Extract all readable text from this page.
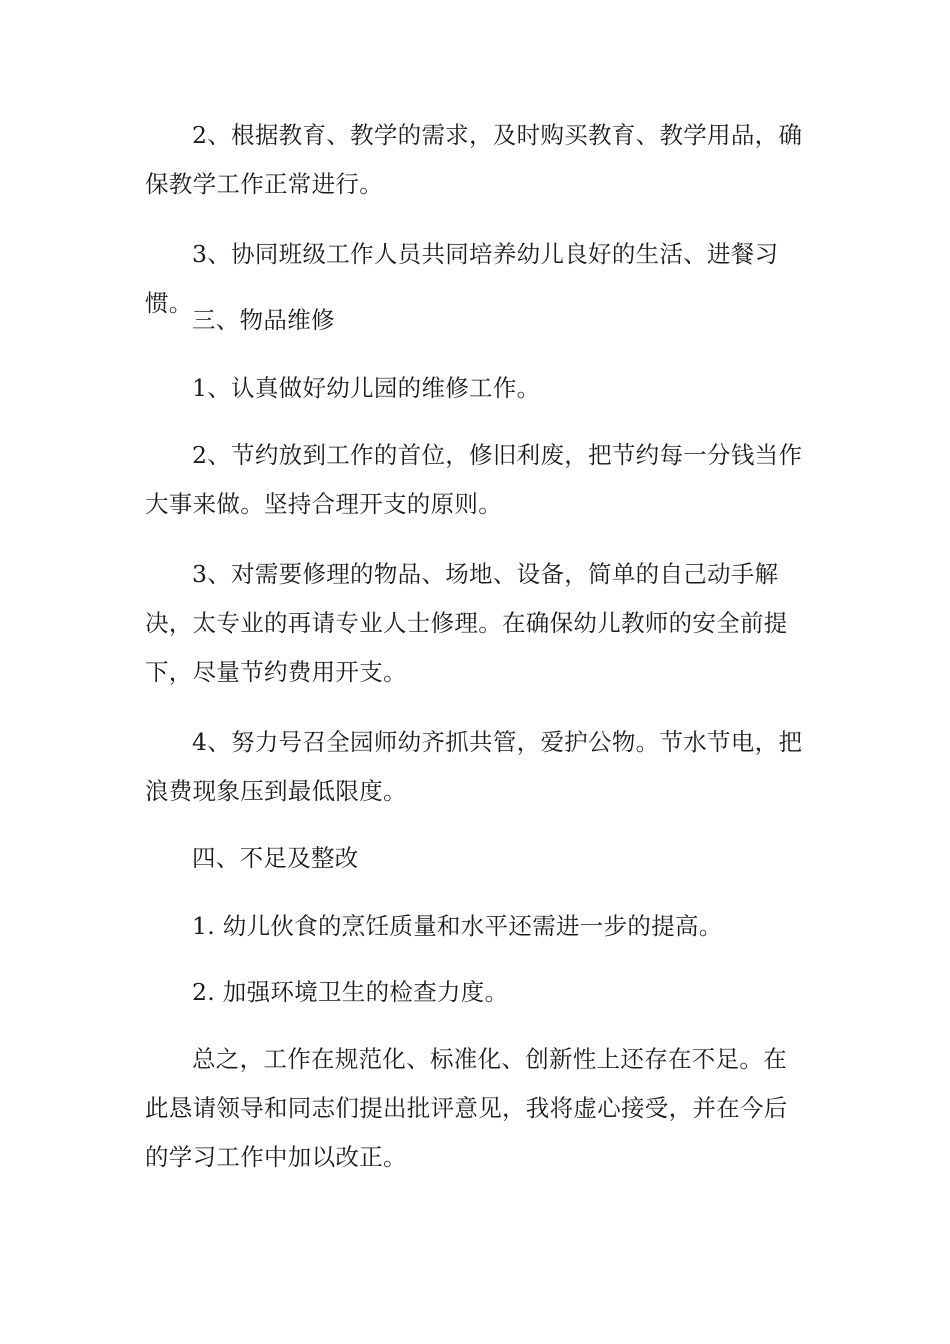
2、根据教育、教学的需求，及时购买教育、教学用品，确保教学工作正常进行。

3、协同班级工作人员共同培养幼儿良好的生活、进餐习惯。

三、物品维修

1、认真做好幼儿园的维修工作。

2、节约放到工作的首位，修旧利废，把节约每一分钱当作大事来做。坚持合理开支的原则。

3、对需要修理的物品、场地、设备，简单的自己动手解决，太专业的再请专业人士修理。在确保幼儿教师的安全前提下，尽量节约费用开支。

4、努力号召全园师幼齐抓共管，爱护公物。节水节电，把浪费现象压到最低限度。

四、不足及整改

1. 幼儿伙食的烹饪质量和水平还需进一步的提高。

2. 加强环境卫生的检查力度。

总之，工作在规范化、标准化、创新性上还存在不足。在此恳请领导和同志们提出批评意见，我将虚心接受，并在今后的学习工作中加以改正。
